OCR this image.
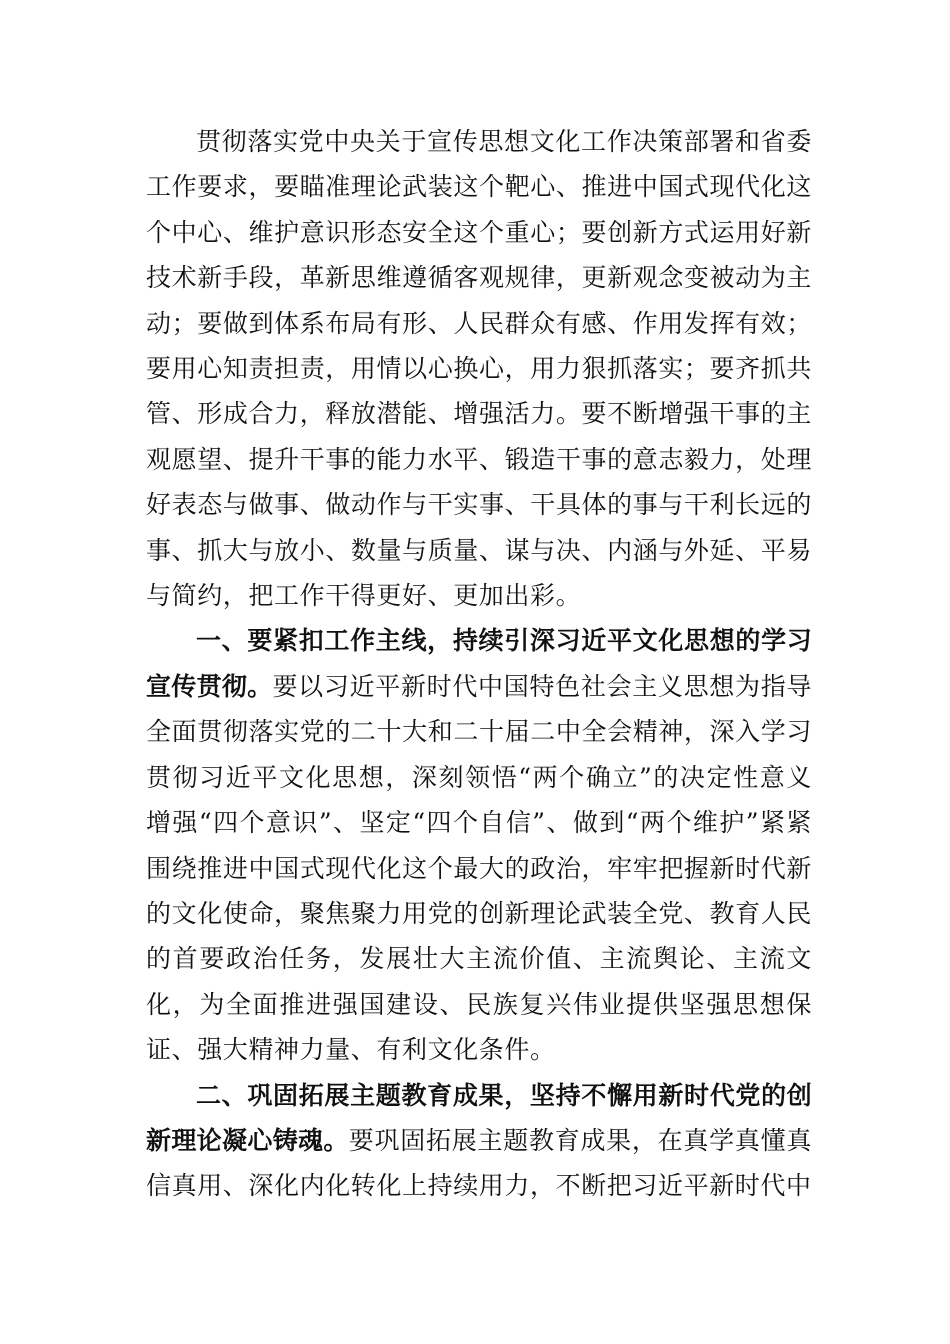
贯彻落实党中央关于宣传思想文化工作决策部署和省委工作要求，要瞄准理论武装这个靶心、推进中国式现代化这个中心、维护意识形态安全这个重心；要创新方式运用好新技术新手段，革新思维遵循客观规律，更新观念变被动为主动；要做到体系布局有形、人民群众有感、作用发挥有效；要用心知责担责，用情以心换心，用力狠抓落实；要齐抓共管、形成合力，释放潜能、增强活力。要不断增强干事的主观愿望、提升干事的能力水平、锻造干事的意志毅力，处理好表态与做事、做动作与干实事、干具体的事与干利长远的事、抓大与放小、数量与质量、谋与决、内涵与外延、平易与简约，把工作干得更好、更加出彩。

一、要紧扣工作主线，持续引深习近平文化思想的学习宣传贯彻。要以习近平新时代中国特色社会主义思想为指导全面贯彻落实党的二十大和二十届二中全会精神，深入学习贯彻习近平文化思想，深刻领悟“两个确立”的决定性意义增强“四个意识”、坚定“四个自信”、做到“两个维护”紧紧围绕推进中国式现代化这个最大的政治，牢牢把握新时代新的文化使命，聚焦聚力用党的创新理论武装全党、教育人民的首要政治任务，发展壮大主流价值、主流舆论、主流文化，为全面推进强国建设、民族复兴伟业提供坚强思想保证、强大精神力量、有利文化条件。

二、巩固拓展主题教育成果，坚持不懈用新时代党的创新理论凝心铸魂。要巩固拓展主题教育成果，在真学真懂真信真用、深化内化转化上持续用力，不断把习近平新时代中
